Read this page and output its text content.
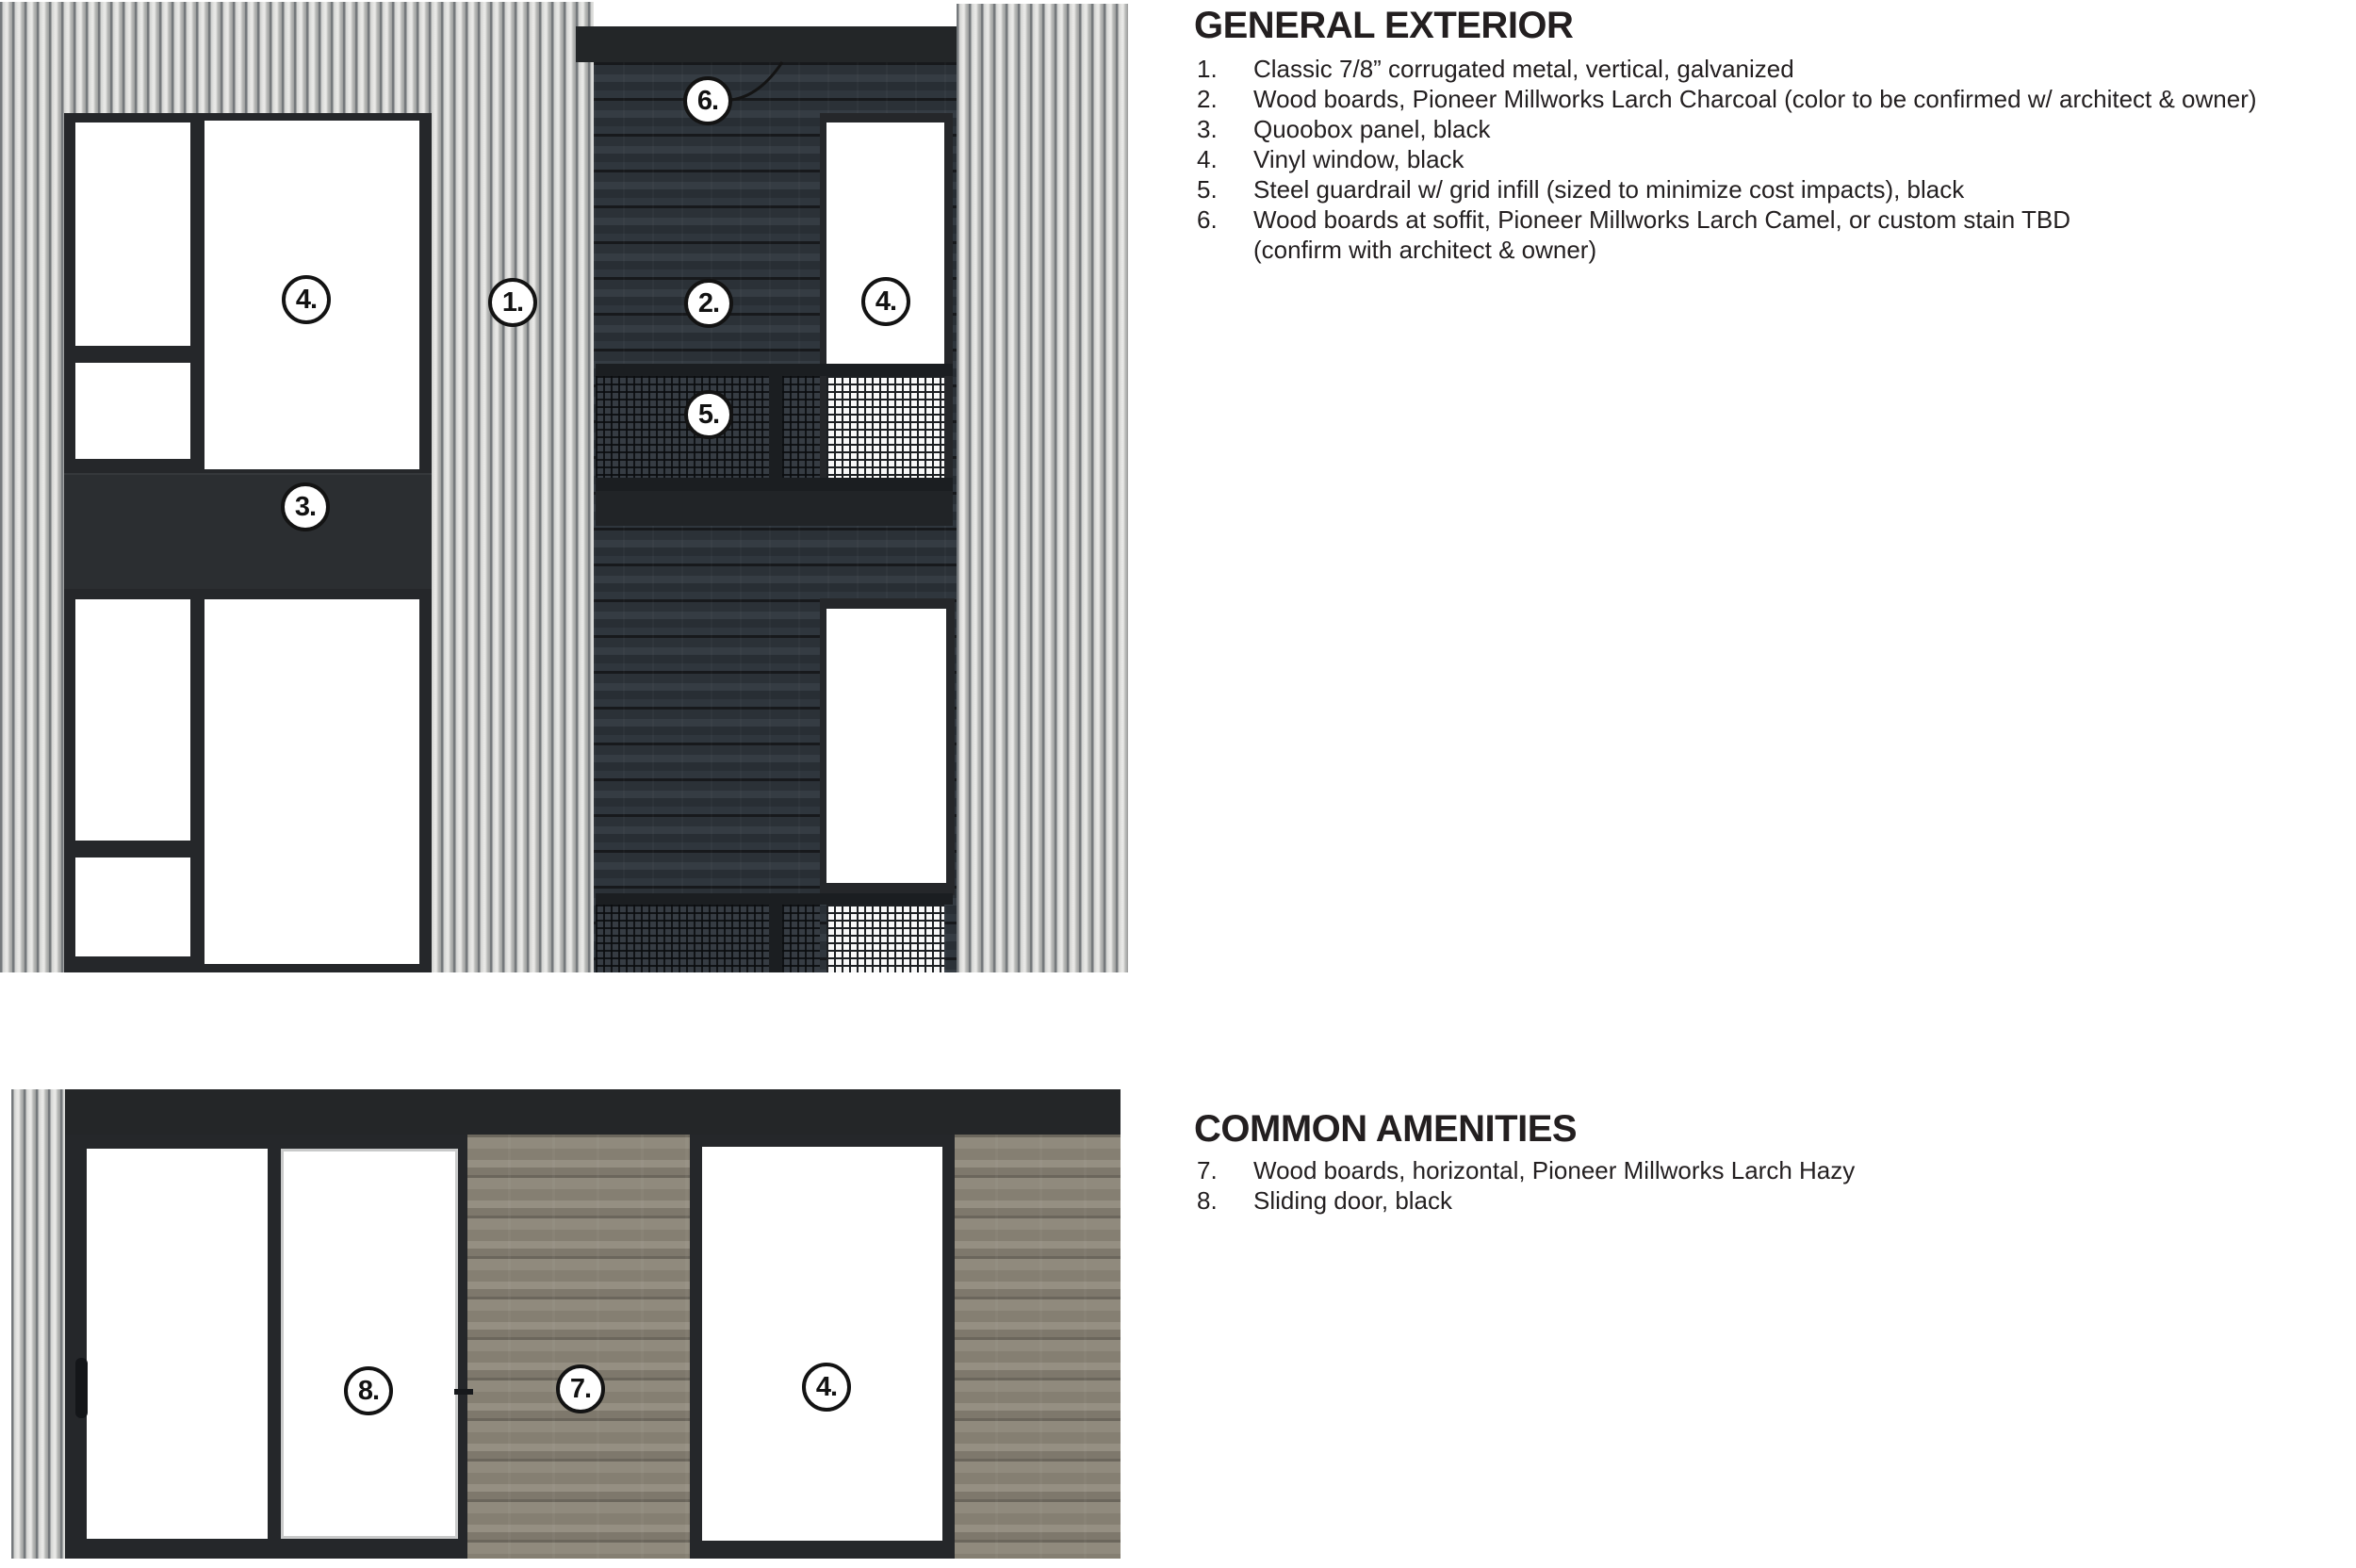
4.
3.
1.
6.
2.
5.
4.
GENERAL EXTERIOR
1.	Classic 7/8” corrugated metal, vertical, galvanized
2.	Wood boards, Pioneer Millworks Larch Charcoal (color to be confirmed w/ architect & owner)
3.	Quoobox panel, black
4.	Vinyl window, black
5.	Steel guardrail w/ grid infill (sized to minimize cost impacts), black
6.	Wood boards at soffit, Pioneer Millworks Larch Camel, or custom stain TBD
(confirm with architect & owner)
8.	7.	4.
COMMON AMENITIES
7.	Wood boards, horizontal, Pioneer Millworks Larch Hazy
8.	Sliding door, black
